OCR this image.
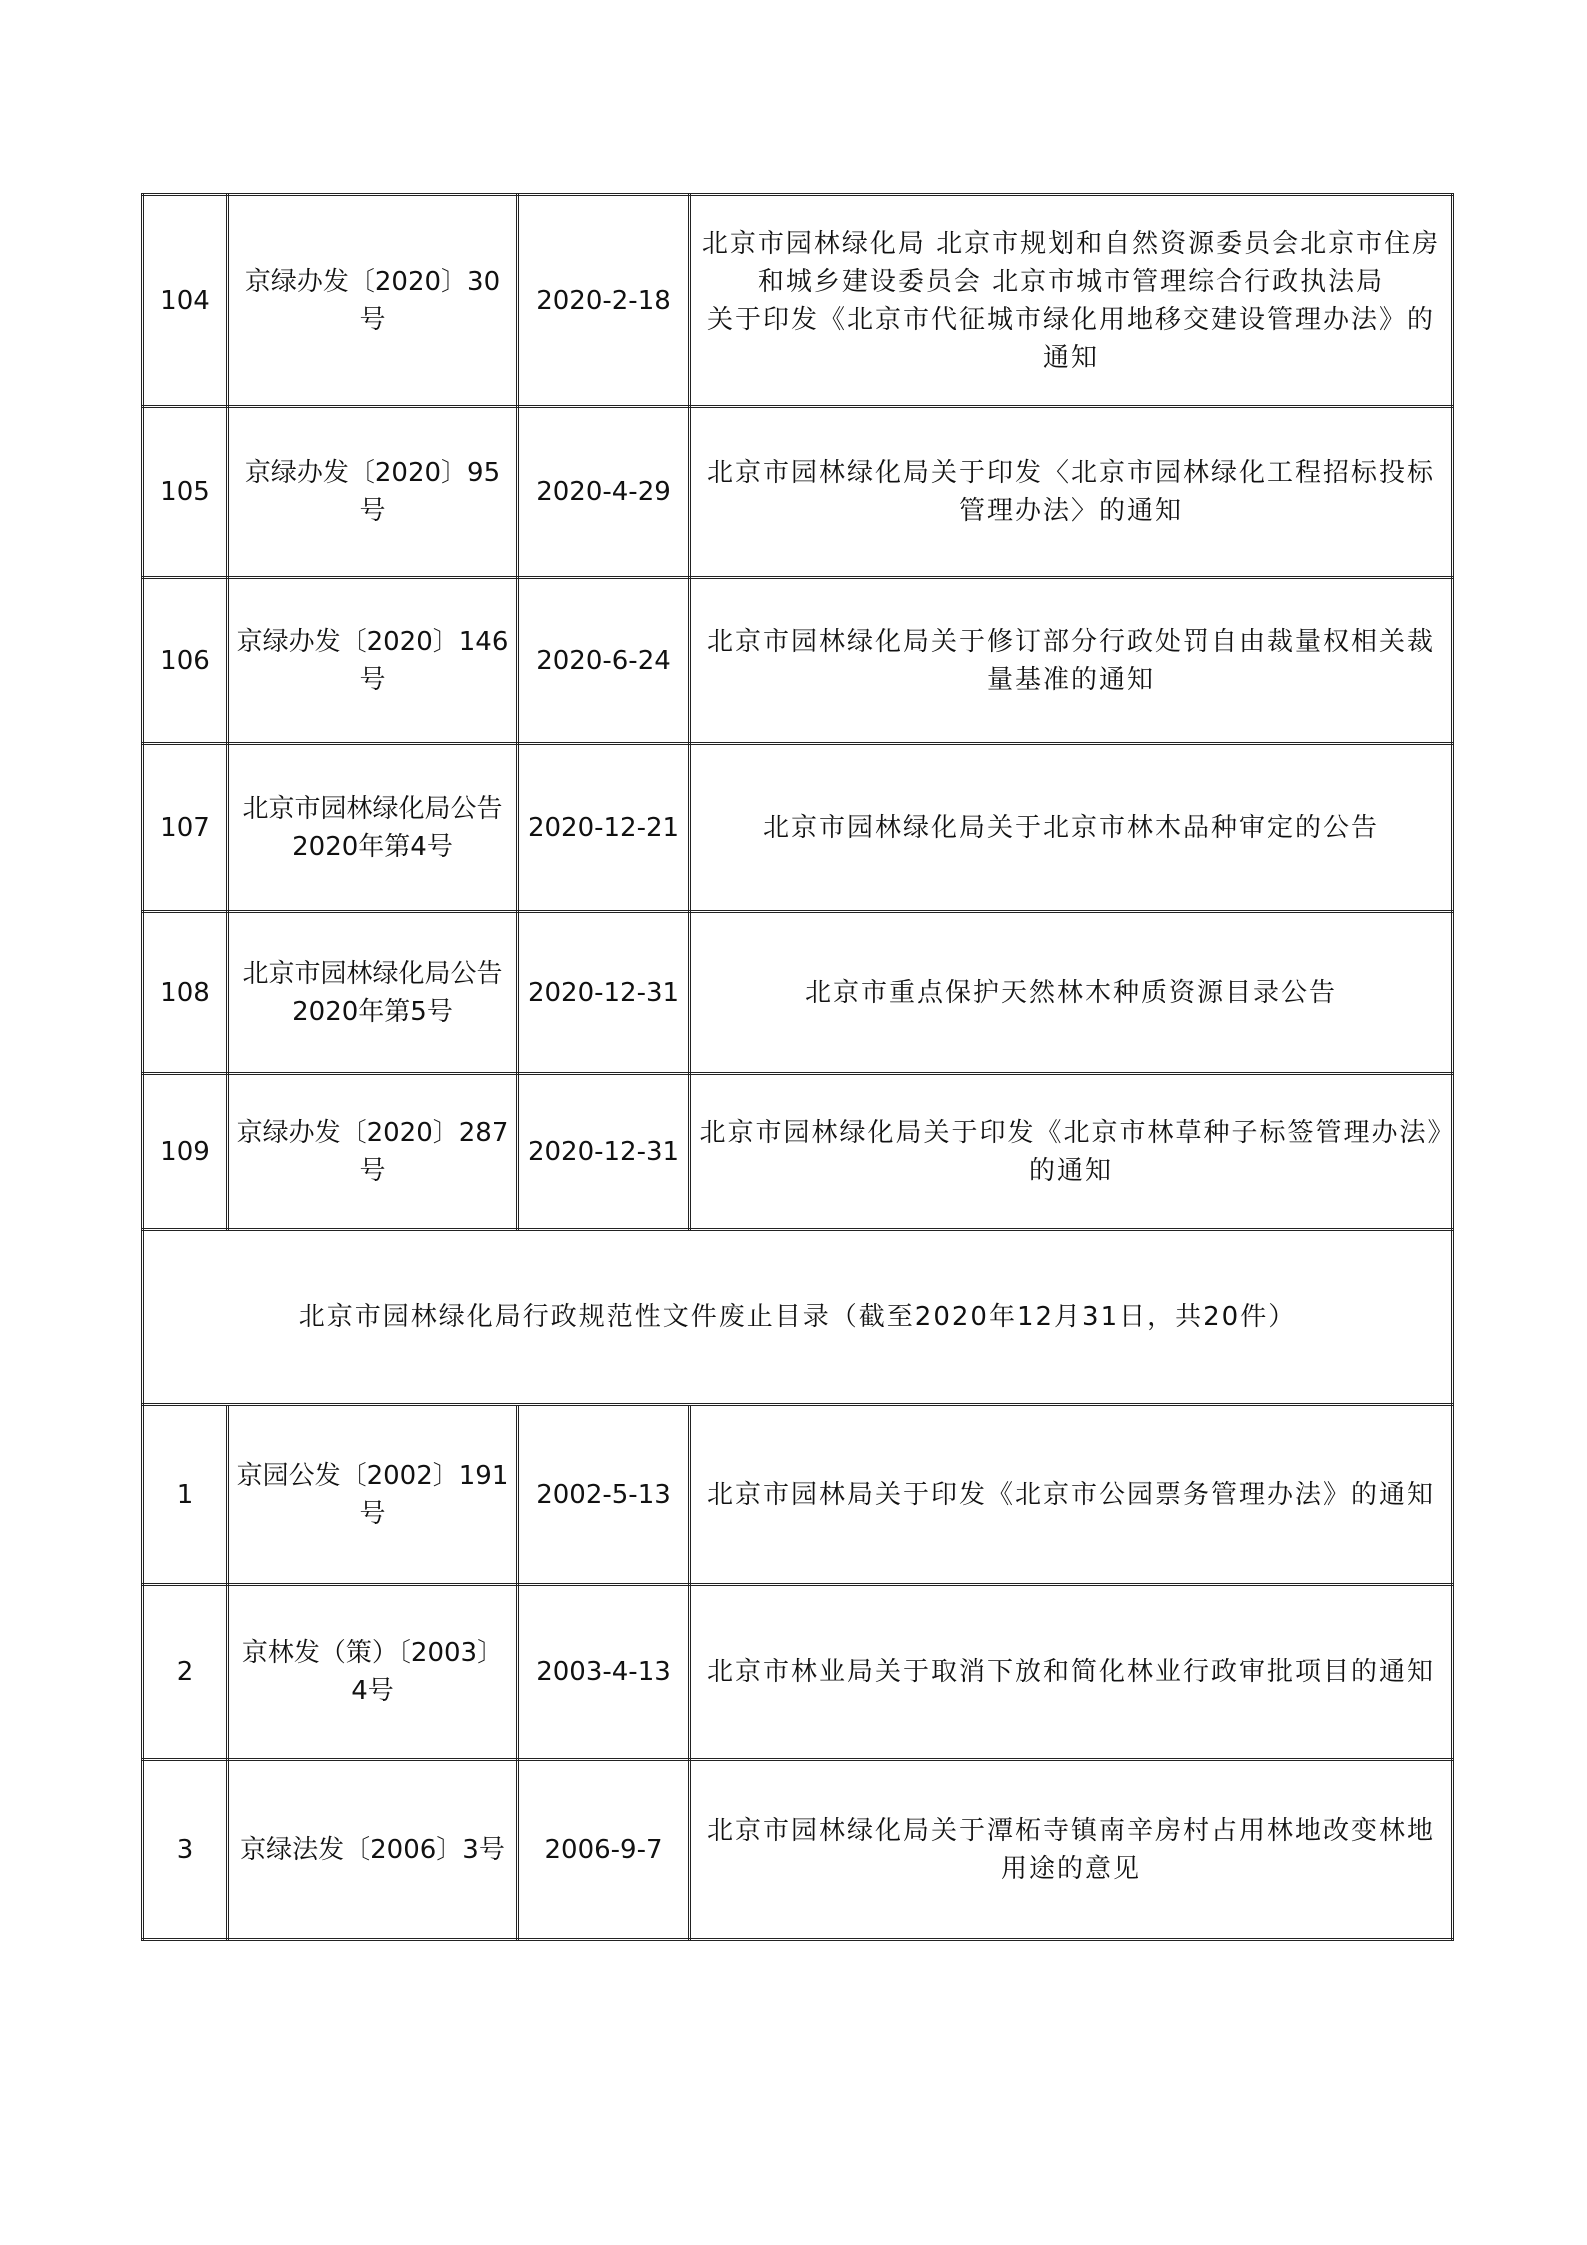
104	京绿办发〔2020〕30号	2020-2-18	北京市园林绿化局 北京市规划和自然资源委员会北京市住房和城乡建设委员会 北京市城市管理综合行政执法局
关于印发《北京市代征城市绿化用地移交建设管理办法》的通知

105	京绿办发〔2020〕95号	2020-4-29	北京市园林绿化局关于印发〈北京市园林绿化工程招标投标管理办法〉的通知
106	京绿办发〔2020〕146号	2020-6-24	北京市园林绿化局关于修订部分行政处罚自由裁量权相关裁量基准的通知
107	北京市园林绿化局公告2020年第4号	2020-12-21	北京市园林绿化局关于北京市林木品种审定的公告
108	北京市园林绿化局公告2020年第5号	2020-12-31	北京市重点保护天然林木种质资源目录公告
109	京绿办发〔2020〕287号	2020-12-31	北京市园林绿化局关于印发《北京市林草种子标签管理办法》的通知
北京市园林绿化局行政规范性文件废止目录（截至2020年12月31日，共20件）			
1	京园公发〔2002〕191号	2002-5-13	北京市园林局关于印发《北京市公园票务管理办法》的通知
2	京林发（策）〔2003〕4号	2003-4-13	北京市林业局关于取消下放和简化林业行政审批项目的通知
3	京绿法发〔2006〕3号	2006-9-7	北京市园林绿化局关于潭柘寺镇南辛房村占用林地改变林地用途的意见
